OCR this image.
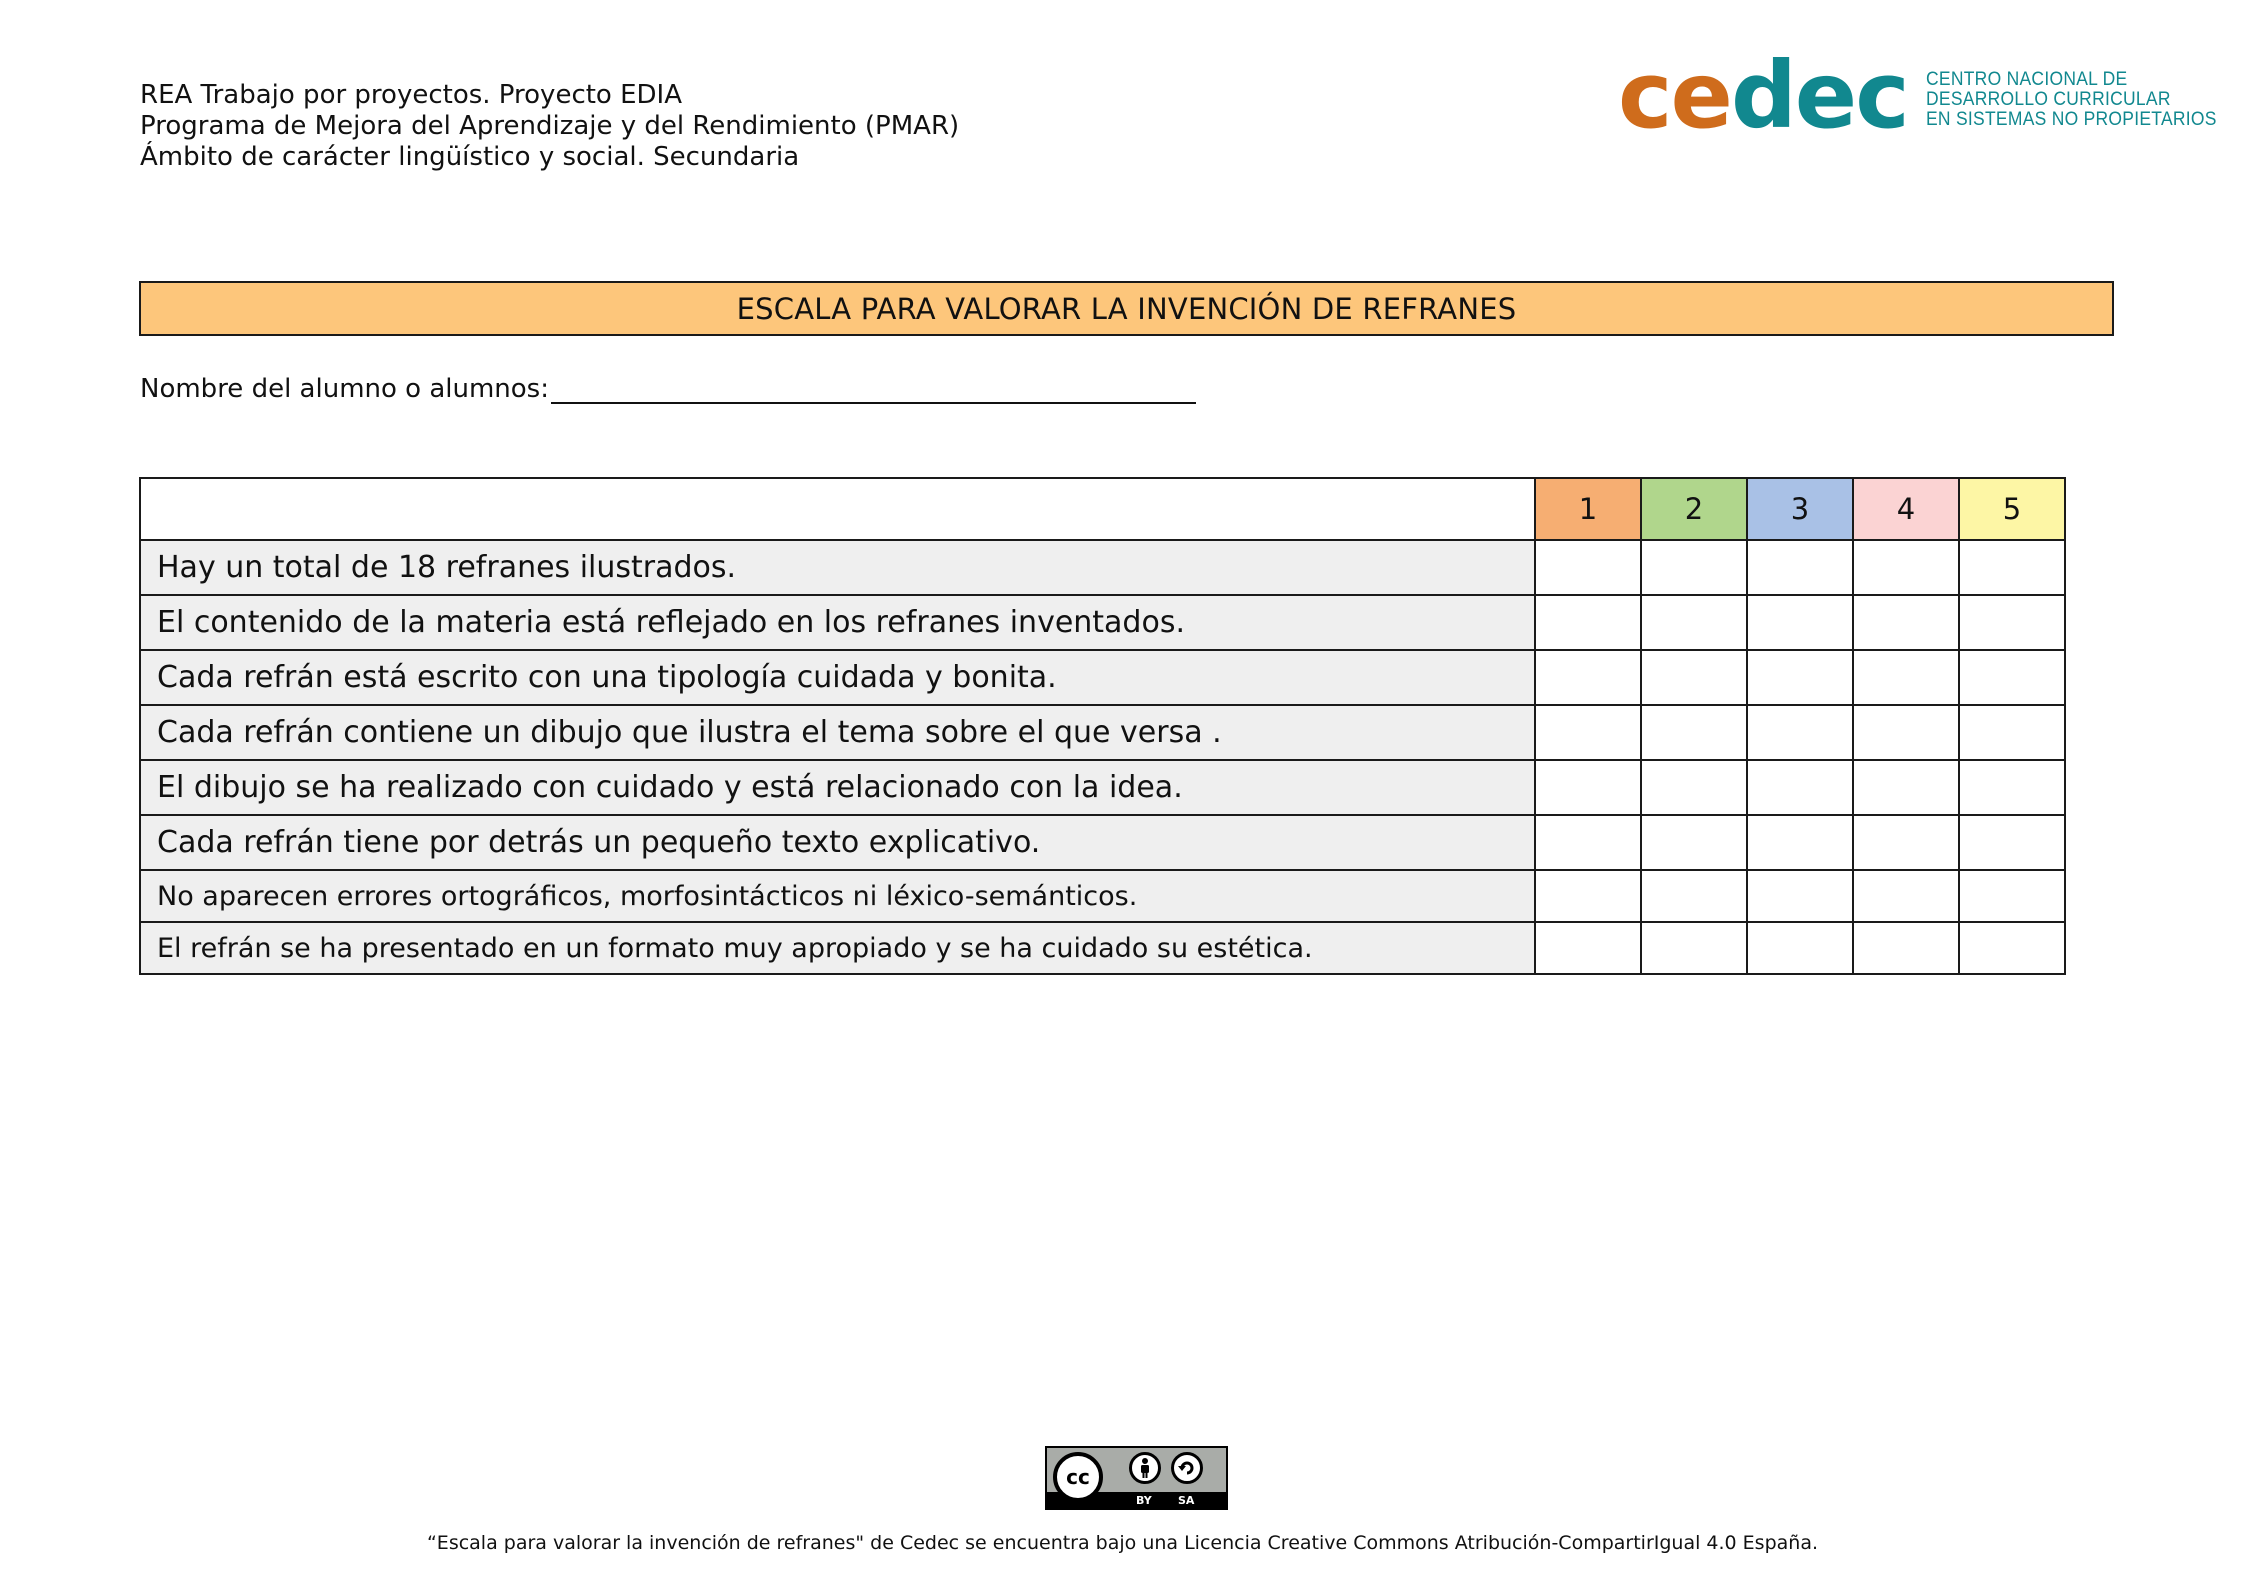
REA Trabajo por proyectos. Proyecto EDIA
Programa de Mejora del Aprendizaje y del Rendimiento (PMAR)
Ámbito de carácter lingüístico y social. Secundaria
cedec CENTRO NACIONAL DE
DESARROLLO CURRICULAR
EN SISTEMAS NO PROPIETARIOS
ESCALA PARA VALORAR LA INVENCIÓN DE REFRANES
Nombre del alumno o alumnos:
	1	2	3	4	5
Hay un total de 18 refranes ilustrados.					
El contenido de la materia está reflejado en los refranes inventados.					
Cada refrán está escrito con una tipología cuidada y bonita.					
Cada refrán contiene un dibujo que ilustra el tema sobre el que versa .					
El dibujo se ha realizado con cuidado y está relacionado con la idea.					
Cada refrán tiene por detrás un pequeño texto explicativo.					
No aparecen errores ortográficos, morfosintácticos ni léxico-semánticos.					
El refrán se ha presentado en un formato muy apropiado y se ha cuidado su estética.					
cc
BY SA
“Escala para valorar la invención de refranes" de Cedec se encuentra bajo una Licencia Creative Commons Atribución-CompartirIgual 4.0 España.
